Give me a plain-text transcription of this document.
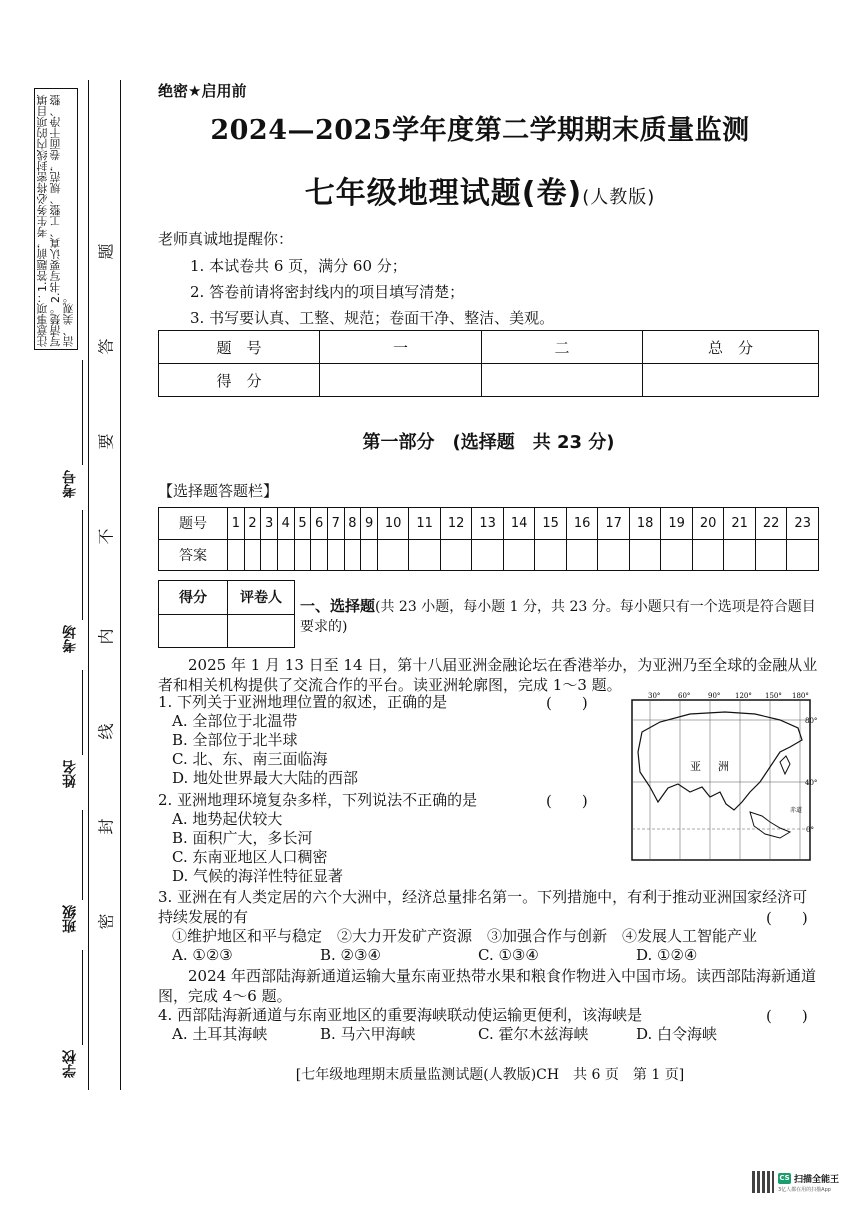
注意事项：1.答题前，考生务必将密封线内的项目填写清楚。2.书写要认真、工整、规范，卷面干净、整洁、美观。
学校
班级
姓名
考场
考号
题
答
要
不
内
线
封
密
绝密★启用前
2024—2025学年度第二学期期末质量监测
七年级地理试题(卷)(人教版)
老师真诚地提醒你：
1. 本试卷共 6 页，满分 60 分；
2. 答卷前请将密封线内的项目填写清楚；
3. 书写要认真、工整、规范；卷面干净、整洁、美观。
题　号	一	二	总　分
得　分			
第一部分　(选择题　共 23 分)
【选择题答题栏】
题号	1	2	3	4	5	6	7	8	9	10	11	12	13	14	15	16	17	18	19	20	21	22	23
答案																							
得分	评卷人
	一、选择题(共 23 小题，每小题 1 分，共 23 分。每小题只有一个选项是符合题目要求的)
2025 年 1 月 13 日至 14 日，第十八届亚洲金融论坛在香港举办，为亚洲乃至全球的金融从业者和相关机构提供了交流合作的平台。读亚洲轮廓图，完成 1～3 题。
30°	60°	90° 120° 150° 180°
80°
40°
0°
亚 洲
赤道
1. 下列关于亚洲地理位置的叙述，正确的是	(　　)
A. 全部位于北温带
B. 全部位于北半球
C. 北、东、南三面临海
D. 地处世界最大大陆的西部
2. 亚洲地理环境复杂多样，下列说法不正确的是	(　　)
A. 地势起伏较大
B. 面积广大，多长河
C. 东南亚地区人口稠密
D. 气候的海洋性特征显著
3. 亚洲在有人类定居的六个大洲中，经济总量排名第一。下列措施中，有利于推动亚洲国家经济可持续发展的有	(　　)
①维护地区和平与稳定　②大力开发矿产资源　③加强合作与创新　④发展人工智能产业
A. ①②③	B. ②③④	C. ①③④	D. ①②④
2024 年西部陆海新通道运输大量东南亚热带水果和粮食作物进入中国市场。读西部陆海新通道图，完成 4～6 题。
4. 西部陆海新通道与东南亚地区的重要海峡联动使运输更便利，该海峡是	(　　)
A. 土耳其海峡	B. 马六甲海峡	C. 霍尔木兹海峡	D. 白令海峡
[七年级地理期末质量监测试题(人教版)CH　共 6 页　第 1 页]
CS 扫描全能王
3亿人都在用的扫描App
